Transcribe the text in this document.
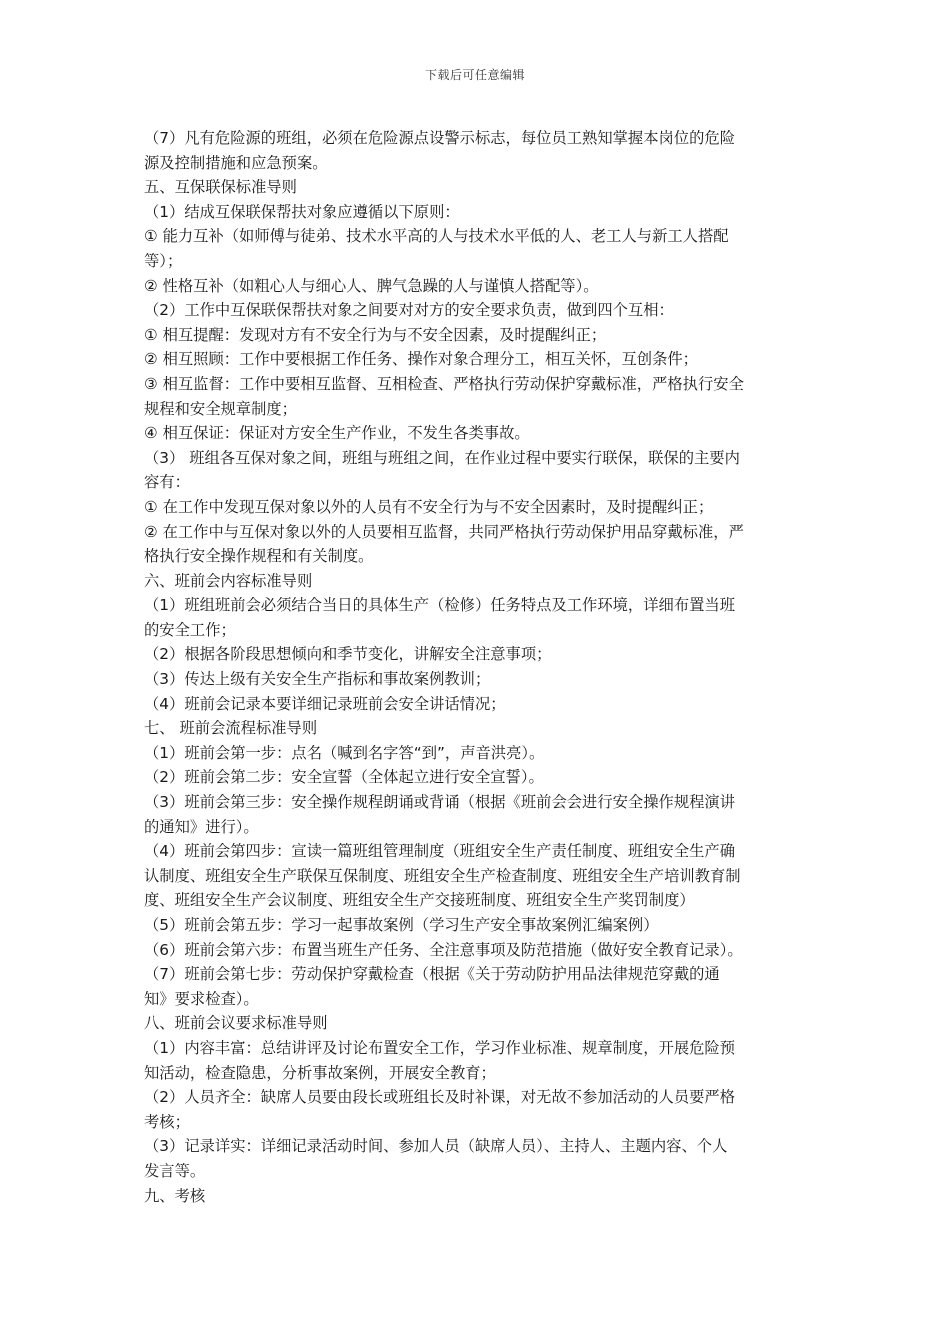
下载后可任意编辑

（7）凡有危险源的班组，必须在危险源点设警示标志，每位员工熟知掌握本岗位的危险

源及控制措施和应急预案。

五、互保联保标准导则

（1）结成互保联保帮扶对象应遵循以下原则：

① 能力互补（如师傅与徒弟、技术水平高的人与技术水平低的人、老工人与新工人搭配

等）；

② 性格互补（如粗心人与细心人、脾气急躁的人与谨慎人搭配等）。

（2）工作中互保联保帮扶对象之间要对对方的安全要求负责，做到四个互相：

① 相互提醒：发现对方有不安全行为与不安全因素，及时提醒纠正；

② 相互照顾：工作中要根据工作任务、操作对象合理分工，相互关怀，互创条件；

③ 相互监督：工作中要相互监督、互相检查、严格执行劳动保护穿戴标准，严格执行安全

规程和安全规章制度；

④ 相互保证：保证对方安全生产作业，不发生各类事故。

（3） 班组各互保对象之间，班组与班组之间，在作业过程中要实行联保，联保的主要内

容有：

① 在工作中发现互保对象以外的人员有不安全行为与不安全因素时，及时提醒纠正；

② 在工作中与互保对象以外的人员要相互监督，共同严格执行劳动保护用品穿戴标准，严

格执行安全操作规程和有关制度。

六、班前会内容标准导则

（1）班组班前会必须结合当日的具体生产（检修）任务特点及工作环境，详细布置当班

的安全工作；

（2）根据各阶段思想倾向和季节变化，讲解安全注意事项；

（3）传达上级有关安全生产指标和事故案例教训；

（4）班前会记录本要详细记录班前会安全讲话情况；

七、 班前会流程标准导则

（1）班前会第一步：点名（喊到名字答“到”，声音洪亮）。

（2）班前会第二步：安全宣誓（全体起立进行安全宣誓）。

（3）班前会第三步：安全操作规程朗诵或背诵（根据《班前会会进行安全操作规程演讲

的通知》进行）。

（4）班前会第四步：宣读一篇班组管理制度（班组安全生产责任制度、班组安全生产确

认制度、班组安全生产联保互保制度、班组安全生产检查制度、班组安全生产培训教育制

度、班组安全生产会议制度、班组安全生产交接班制度、班组安全生产奖罚制度）

（5）班前会第五步：学习一起事故案例（学习生产安全事故案例汇编案例）

（6）班前会第六步：布置当班生产任务、全注意事项及防范措施（做好安全教育记录）。

（7）班前会第七步：劳动保护穿戴检查（根据《关于劳动防护用品法律规范穿戴的通

知》要求检查）。

八、班前会议要求标准导则

（1）内容丰富：总结讲评及讨论布置安全工作，学习作业标准、规章制度，开展危险预

知活动，检查隐患，分析事故案例，开展安全教育；

（2）人员齐全：缺席人员要由段长或班组长及时补课，对无故不参加活动的人员要严格

考核；

（3）记录详实：详细记录活动时间、参加人员（缺席人员）、主持人、主题内容、个人

发言等。

九、考核
